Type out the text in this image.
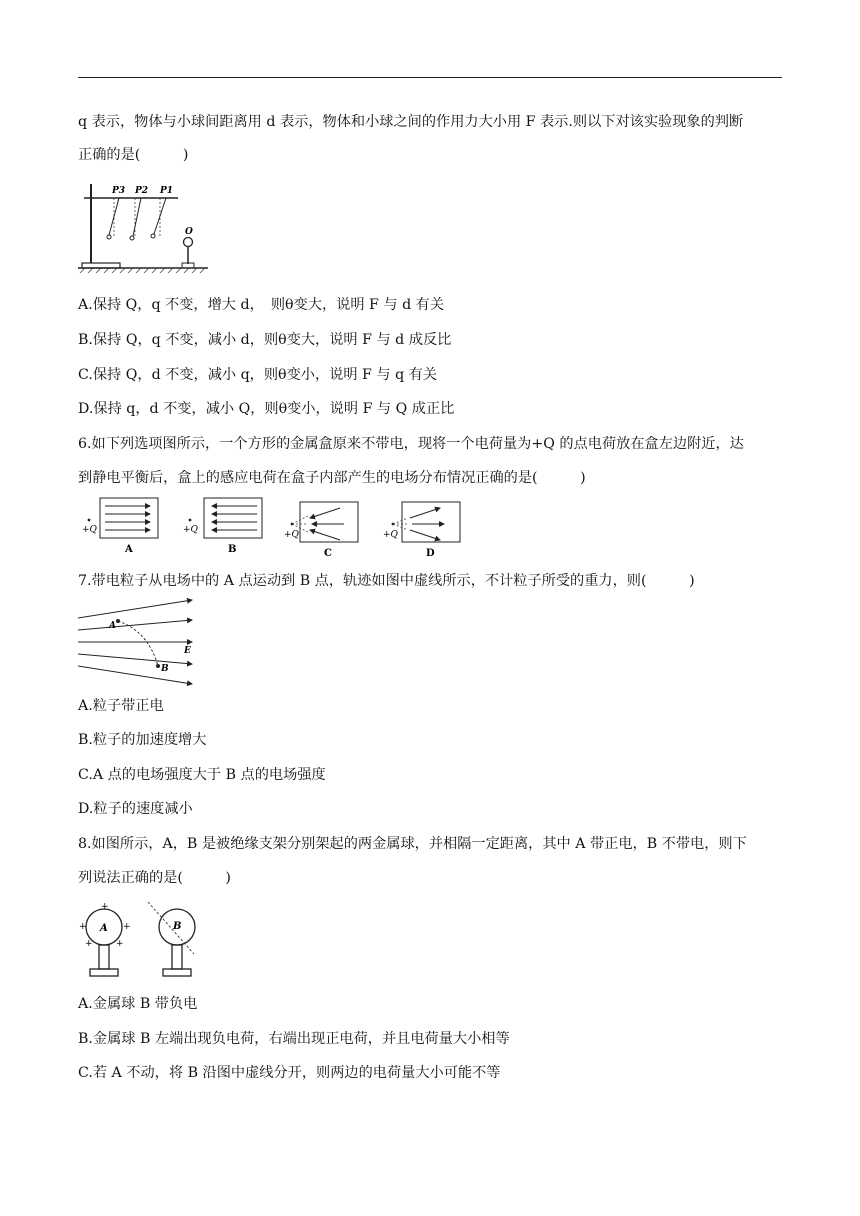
q 表示，物体与小球间距离用 d 表示，物体和小球之间的作用力大小用 F 表示.则以下对该实验现象的判断
正确的是(　　　)
P3 P2 P1
O
A.保持 Q，q 不变，增大 d，　则θ变大，说明 F 与 d 有关
B.保持 Q，q 不变，减小 d，则θ变大，说明 F 与 d 成反比
C.保持 Q，d 不变，减小 q，则θ变小，说明 F 与 q 有关
D.保持 q，d 不变，减小 Q，则θ变小，说明 F 与 Q 成正比
6.如下列选项图所示，一个方形的金属盒原来不带电，现将一个电荷量为+Q 的点电荷放在盒左边附近，达
到静电平衡后，盒上的感应电荷在盒子内部产生的电场分布情况正确的是(　　　)
+Q
A
+Q
B
+Q
C
+Q
D
7.带电粒子从电场中的 A 点运动到 B 点，轨迹如图中虚线所示，不计粒子所受的重力，则(　　　)
A
B
E
A.粒子带正电
B.粒子的加速度增大
C.A 点的电场强度大于 B 点的电场强度
D.粒子的速度减小
8.如图所示，A，B 是被绝缘支架分别架起的两金属球，并相隔一定距离，其中 A 带正电，B 不带电，则下
列说法正确的是(　　　)
A
+
+	+
+	+
B
A.金属球 B 带负电
B.金属球 B 左端出现负电荷，右端出现正电荷，并且电荷量大小相等
C.若 A 不动，将 B 沿图中虚线分开，则两边的电荷量大小可能不等
